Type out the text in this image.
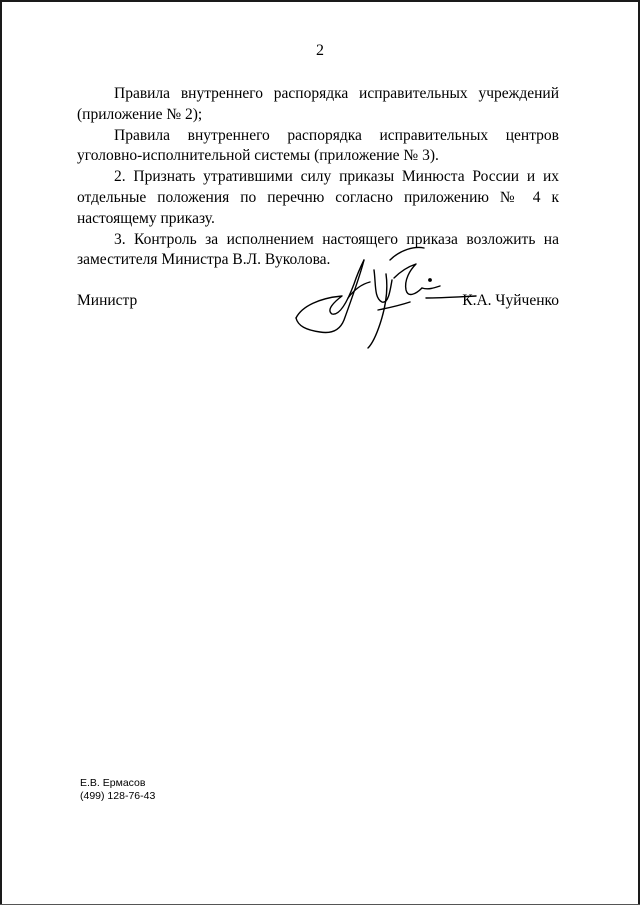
2

Правила внутреннего распорядка исправительных учреждений (приложение № 2);

Правила внутреннего распорядка исправительных центров уголовно-исполнительной системы (приложение № 3).

2. Признать утратившими силу приказы Минюста России и их отдельные положения по перечню согласно приложению № 4 к настоящему приказу.

3. Контроль за исполнением настоящего приказа возложить на заместителя Министра В.Л. Вуколова.

Министр	К.А. Чуйченко
Е.В. Ермасов
(499) 128-76-43
